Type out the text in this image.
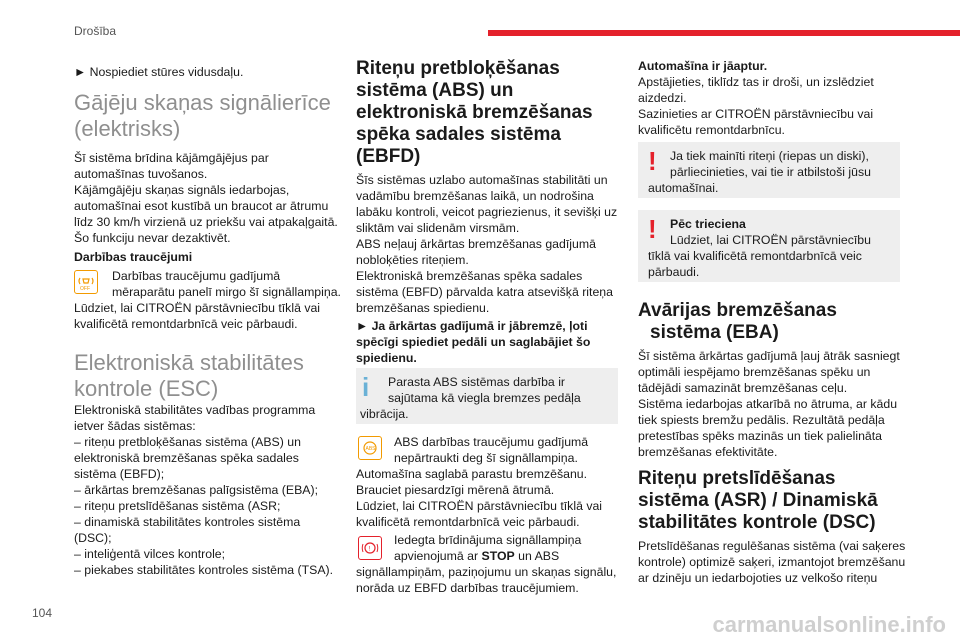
Drošība
► Nospiediet stūres vidusdaļu.
Gājēju skaņas signālierīce
(elektrisks)
Šī sistēma brīdina kājāmgājējus par
automašīnas tuvošanos.
Kājāmgājēju skaņas signāls iedarbojas,
automašīnai esot kustībā un braucot ar ātrumu
līdz 30 km/h virzienā uz priekšu vai atpakaļgaitā.
Šo funkciju nevar dezaktivēt.
Darbības traucējumi
OFF
Darbības traucējumu gadījumā
mēraparātu panelī mirgo šī signāllampiņa.
Lūdziet, lai CITROËN pārstāvniecību tīklā vai
kvalificētā remontdarbnīcā veic pārbaudi.
Elektroniskā stabilitātes
kontrole (ESC)
Elektroniskā stabilitātes vadības programma
ietver šādas sistēmas:
– riteņu pretbloķēšanas sistēma (ABS) un
elektroniskā bremzēšanas spēka sadales
sistēma (EBFD);
– ārkārtas bremzēšanas palīgsistēma (EBA);
– riteņu pretslīdēšanas sistēma (ASR;
– dinamiskā stabilitātes kontroles sistēma
(DSC);
– inteliģentā vilces kontrole;
– piekabes stabilitātes kontroles sistēma (TSA).
Riteņu pretbloķēšanas
sistēma (ABS) un
elektroniskā bremzēšanas
spēka sadales sistēma
(EBFD)
Šīs sistēmas uzlabo automašīnas stabilitāti un
vadāmību bremzēšanas laikā, un nodrošina
labāku kontroli, veicot pagriezienus, it sevišķi uz
sliktām vai slidenām virsmām.
ABS neļauj ārkārtas bremzēšanas gadījumā
nobloķēties riteņiem.
Elektroniskā bremzēšanas spēka sadales
sistēma (EBFD) pārvalda katra atsevišķā riteņa
bremzēšanas spiedienu.
► Ja ārkārtas gadījumā ir jābremzē, ļoti
spēcīgi spiediet pedāli un saglabājiet šo
spiedienu.
i Parasta ABS sistēmas darbība ir
sajūtama kā viegla bremzes pedāļa
vibrācija.
ABS ABS darbības traucējumu gadījumā
nepārtraukti deg šī signāllampiņa.
Automašīna saglabā parastu bremzēšanu.
Brauciet piesardzīgi mērenā ātrumā.
Lūdziet, lai CITROËN pārstāvniecību tīklā vai
kvalificētā remontdarbnīcā veic pārbaudi.
!
Iedegta brīdinājuma signāllampiņa
apvienojumā ar STOP un ABS
signāllampiņām, paziņojumu un skaņas signālu,
norāda uz EBFD darbības traucējumiem.
Automašīna ir jāaptur.
Apstājieties, tiklīdz tas ir droši, un izslēdziet
aizdedzi.
Sazinieties ar CITROËN pārstāvniecību vai
kvalificētu remontdarbnīcu.
! Ja tiek mainīti riteņi (riepas un diski),
pārliecinieties, vai tie ir atbilstoši jūsu
automašīnai.
! Pēc trieciena
Lūdziet, lai CITROËN pārstāvniecību
tīklā vai kvalificētā remontdarbnīcā veic
pārbaudi.
Avārijas bremzēšanas
sistēma (EBA)
Šī sistēma ārkārtas gadījumā ļauj ātrāk sasniegt
optimāli iespējamo bremzēšanas spēku un
tādējādi samazināt bremzēšanas ceļu.
Sistēma iedarbojas atkarībā no ātruma, ar kādu
tiek spiests bremžu pedālis. Rezultātā pedāļa
pretestības spēks mazinās un tiek palielināta
bremzēšanas efektivitāte.
Riteņu pretslīdēšanas
sistēma (ASR) / Dinamiskā
stabilitātes kontrole (DSC)
Pretslīdēšanas regulēšanas sistēma (vai saķeres
kontrole) optimizē saķeri, izmantojot bremzēšanu
ar dzinēju un iedarbojoties uz velkošo riteņu
104	carmanualsonline.info
